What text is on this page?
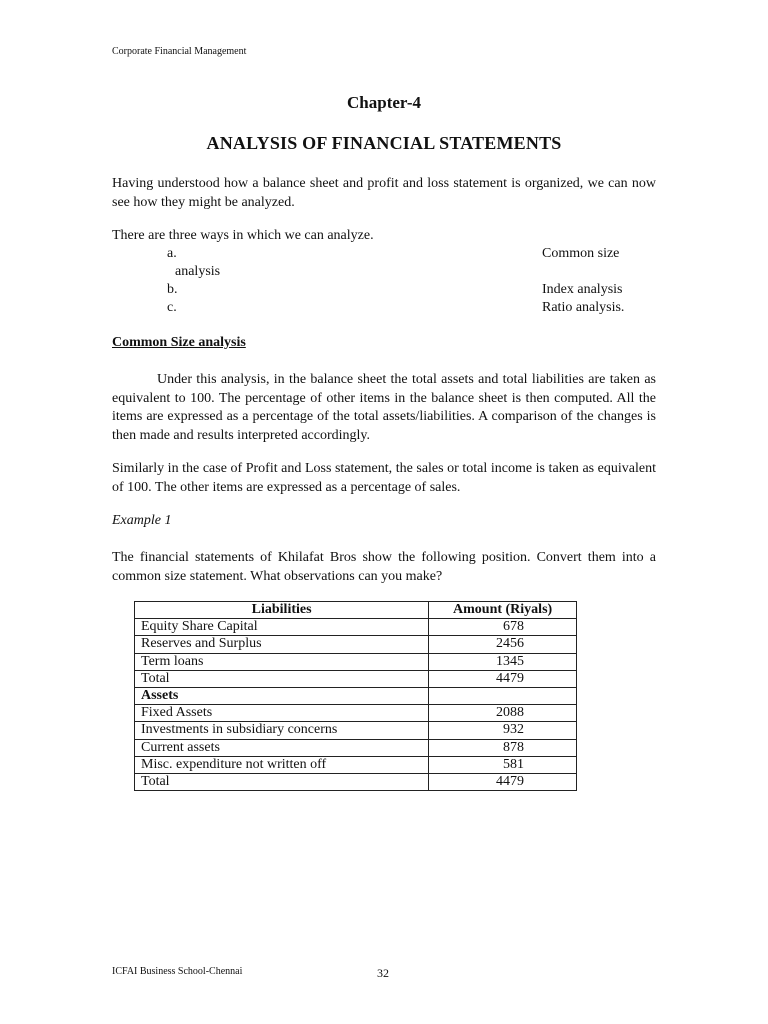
Corporate Financial Management
Chapter-4
ANALYSIS OF FINANCIAL STATEMENTS
Having understood how a balance sheet and profit and loss statement is organized, we can now see how they might be analyzed.
There are three ways in which we can analyze.
a.	Common size
analysis
b.	Index analysis
c.	Ratio analysis.
Common Size analysis
Under this analysis, in the balance sheet the total assets and total liabilities are taken as equivalent to 100. The percentage of other items in the balance sheet is then computed. All the items are expressed as a percentage of the total assets/liabilities. A comparison of the changes is then made and results interpreted accordingly.
Similarly in the case of Profit and Loss statement, the sales or total income is taken as equivalent of 100. The other items are expressed as a percentage of sales.
Example 1
The financial statements of Khilafat Bros show the following position. Convert them into a common size statement. What observations can you make?
Liabilities	Amount (Riyals)
Equity Share Capital	678
Reserves and Surplus	2456
Term loans	1345
Total	4479
Assets	
Fixed Assets	2088
Investments in subsidiary concerns	932
Current assets	878
Misc. expenditure not written off	581
Total	4479
ICFAI Business School-Chennai	32
